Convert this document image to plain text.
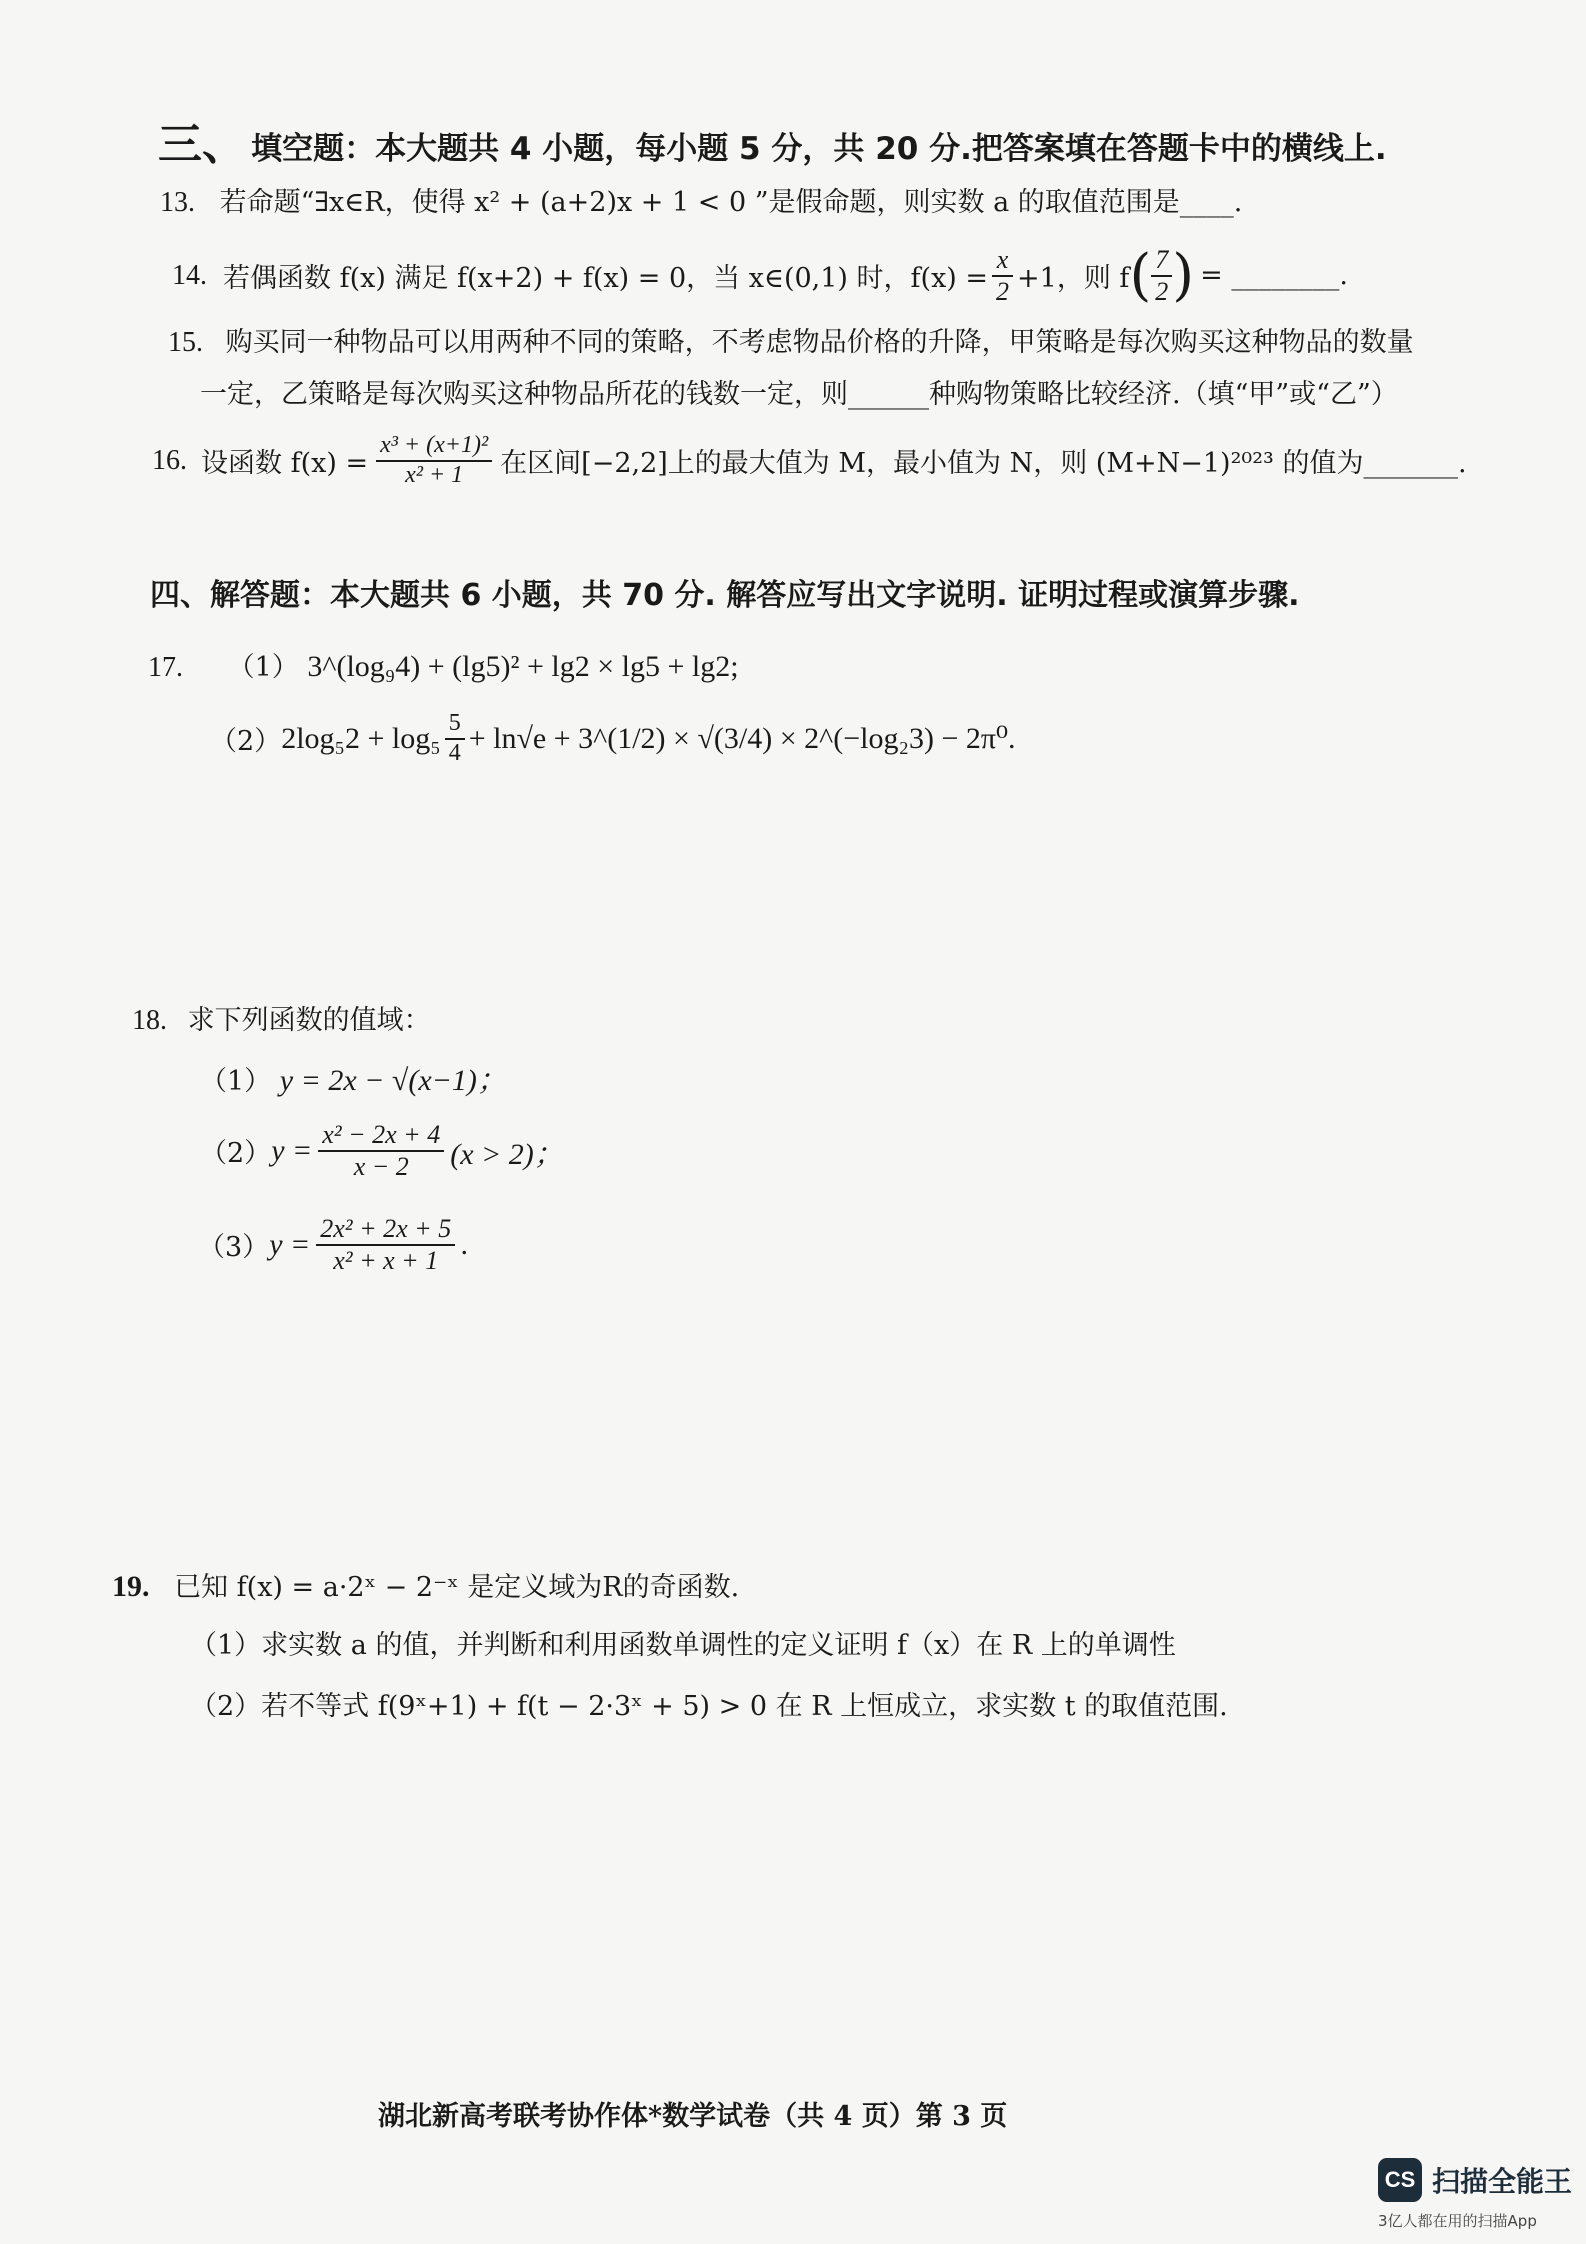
三、 填空题：本大题共 4 小题，每小题 5 分，共 20 分.把答案填在答题卡中的横线上.
13. 若命题“∃x∈R，使得 x² + (a+2)x + 1 < 0 ”是假命题，则实数 a 的取值范围是____.
14. 若偶函数 f(x) 满足 f(x+2) + f(x) = 0，当 x∈(0,1) 时，$f(x) = \frac{x}{2} +1$，则 f ( $\frac{7}{2}$ ) = ________.
15. 购买同一种物品可以用两种不同的策略，不考虑物品价格的升降，甲策略是每次购买这种物品的数量
一定，乙策略是每次购买这种物品所花的钱数一定，则______种购物策略比较经济.（填“甲”或“乙”）
16. 设函数 $f(x) = \frac{\text{x³ + (x+1)²}}{\text{x² + 1}}$ 在区间[−2,2]上的最大值为 M，最小值为 N，则 (M+N−1)²⁰²³ 的值为_______.
四、解答题：本大题共 6 小题，共 70 分. 解答应写出文字说明. 证明过程或演算步骤.
17. （1） 3^(log₉4) + (lg5)² + lg2 × lg5 + lg2;
（2） $2\log_52 + \log_5 \frac{5}{4} + \ln√e$ + 3^(1/2) × √(3/4) × 2^(−log₂3) − 2π⁰.
18. 求下列函数的值域：
（1） y = 2x − √(x−1)；
（2） $y = \frac{\text{x² − 2x + 4}}{x - 2} (x > 2)$；
（3） $y = \frac{\text{2x² + 2x + 5}}{\text{x² + x + 1}}$ .
19. 已知 f(x) = a·2ˣ − 2⁻ˣ 是定义域为R的奇函数.
（1）求实数 a 的值，并判断和利用函数单调性的定义证明 f（x）在 R 上的单调性
（2）若不等式 f(9ˣ+1) + f(t − 2·3ˣ + 5) > 0 在 R 上恒成立，求实数 t 的取值范围.
湖北新高考联考协作体*数学试卷（共 4 页）第 3 页
CS 扫描全能王
3亿人都在用的扫描App
